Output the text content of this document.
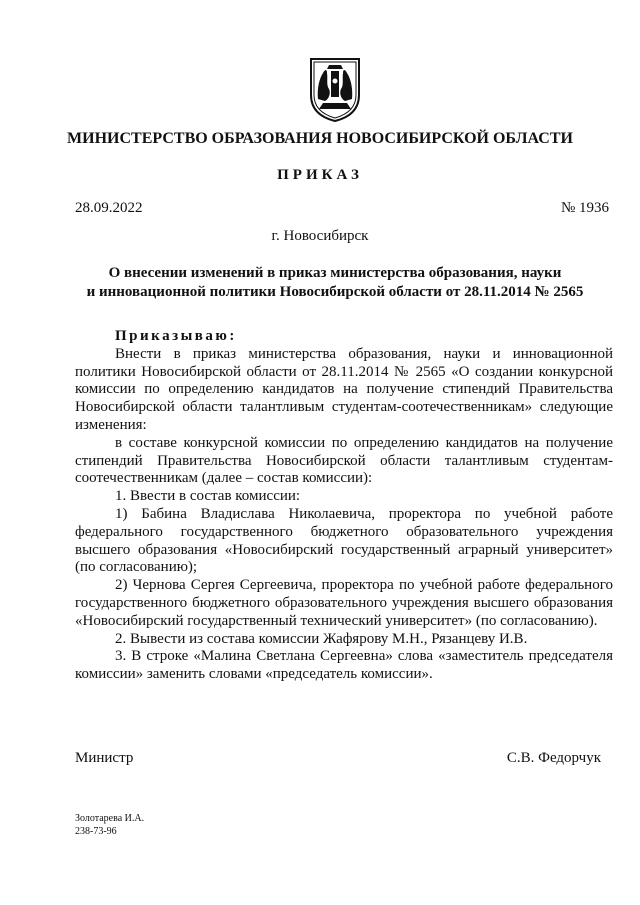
МИНИСТЕРСТВО ОБРАЗОВАНИЯ НОВОСИБИРСКОЙ ОБЛАСТИ
ПРИКАЗ
28.09.2022	№ 1936
г. Новосибирск
О внесении изменений в приказ министерства образования, науки
и инновационной политики Новосибирской области от 28.11.2014 № 2565

Приказываю:

Внести в приказ министерства образования, науки и инновационной политики Новосибирской области от 28.11.2014 № 2565 «О создании конкурсной комиссии по определению кандидатов на получение стипендий Правительства Новосибирской области талантливым студентам-соотечественникам» следующие изменения:

в составе конкурсной комиссии по определению кандидатов на получение стипендий Правительства Новосибирской области талантливым студентам-соотечественникам (далее – состав комиссии):

1. Ввести в состав комиссии:

1) Бабина Владислава Николаевича, проректора по учебной работе федерального государственного бюджетного образовательного учреждения высшего образования «Новосибирский государственный аграрный университет» (по согласованию);

2) Чернова Сергея Сергеевича, проректора по учебной работе федерального государственного бюджетного образовательного учреждения высшего образования «Новосибирский государственный технический университет» (по согласованию).

2. Вывести из состава комиссии Жафярову М.Н., Рязанцеву И.В.

3. В строке «Малина Светлана Сергеевна» слова «заместитель председателя комиссии» заменить словами «председатель комиссии».

Министр	С.В. Федорчук
Золотарева И.А.
238-73-96
